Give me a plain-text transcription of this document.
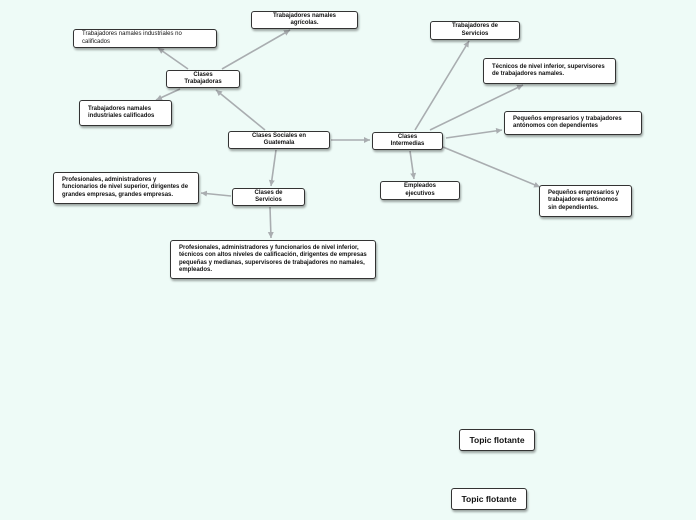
Clases Sociales en Guatemala
Clases Trabajadoras
Trabajadores namales agrícolas.
Trabajadores namales industriales no calificados
Trabajadores namales
industriales calificados
Clases Intermedias
Trabajadores de Servicios
Técnicos de nivel inferior, supervisores
de trabajadores namales.
Pequeños empresarios y trabajadores
antónomos con dependientes
Pequeños empresarios y
trabajadores antónomos
sin dependientes.
Empleados ejecutivos
Clases de Servicios
Profesionales, administradores y
funcionarios de nivel superior, dirigentes de
grandes empresas, grandes empresas.
Profesionales, administradores y funcionarios de nivel inferior,
técnicos con altos niveles de calificación, dirigentes de empresas
pequeñas y medianas, supervisores de trabajadores no namales,
empleados.
Topic flotante
Topic flotante
